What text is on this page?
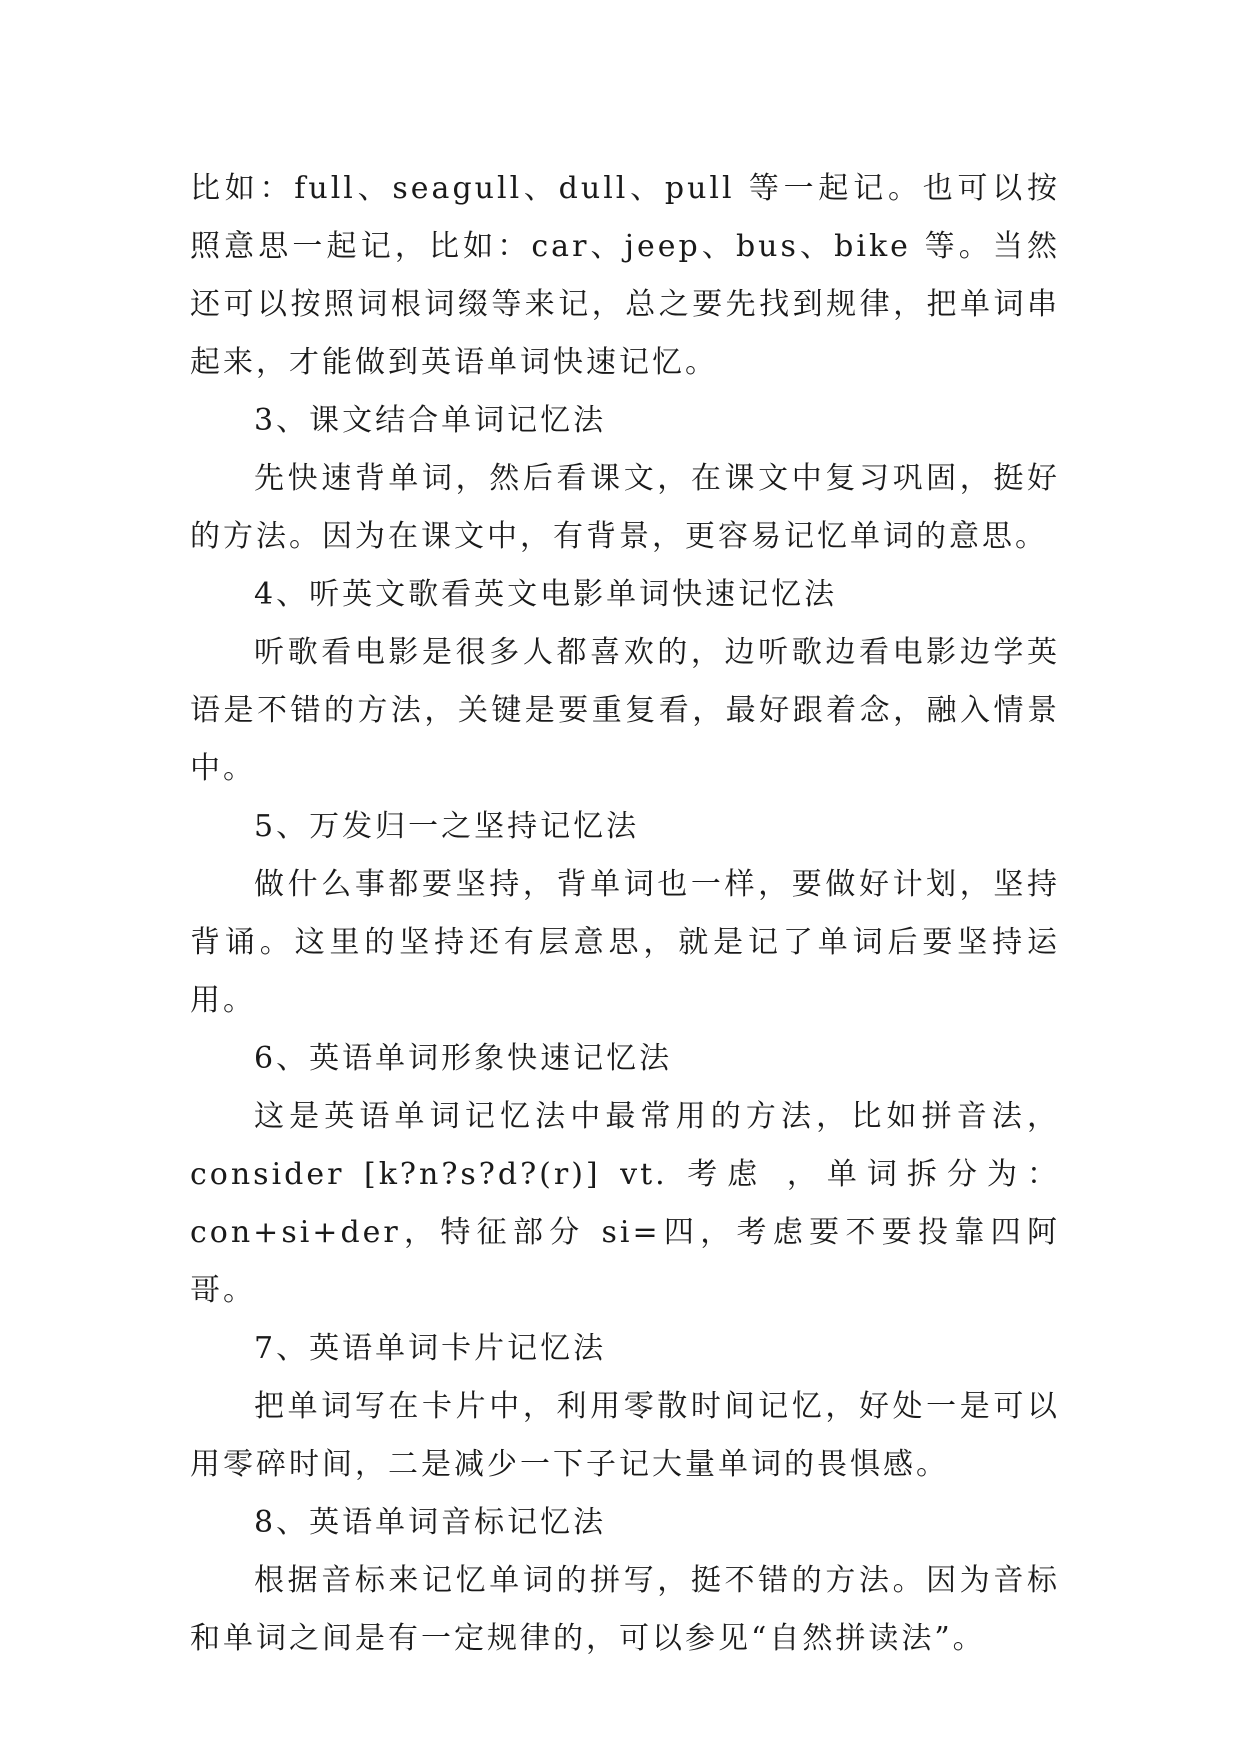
比如：full、seagull、dull、pull 等一起记。也可以按照意思一起记，比如：car、jeep、bus、bike 等。当然还可以按照词根词缀等来记，总之要先找到规律，把单词串起来，才能做到英语单词快速记忆。

3、课文结合单词记忆法

先快速背单词，然后看课文，在课文中复习巩固，挺好的方法。因为在课文中，有背景，更容易记忆单词的意思。

4、听英文歌看英文电影单词快速记忆法

听歌看电影是很多人都喜欢的，边听歌边看电影边学英语是不错的方法，关键是要重复看，最好跟着念，融入情景中。

5、万发归一之坚持记忆法

做什么事都要坚持，背单词也一样，要做好计划，坚持背诵。这里的坚持还有层意思，就是记了单词后要坚持运用。

6、英语单词形象快速记忆法

这是英语单词记忆法中最常用的方法，比如拼音法，consider [k?n?s?d?(r)] vt. 考虑 ，单词拆分为：con+si+der，特征部分 si=四，考虑要不要投靠四阿哥。

7、英语单词卡片记忆法

把单词写在卡片中，利用零散时间记忆，好处一是可以用零碎时间，二是减少一下子记大量单词的畏惧感。

8、英语单词音标记忆法

根据音标来记忆单词的拼写，挺不错的方法。因为音标和单词之间是有一定规律的，可以参见“自然拼读法”。
